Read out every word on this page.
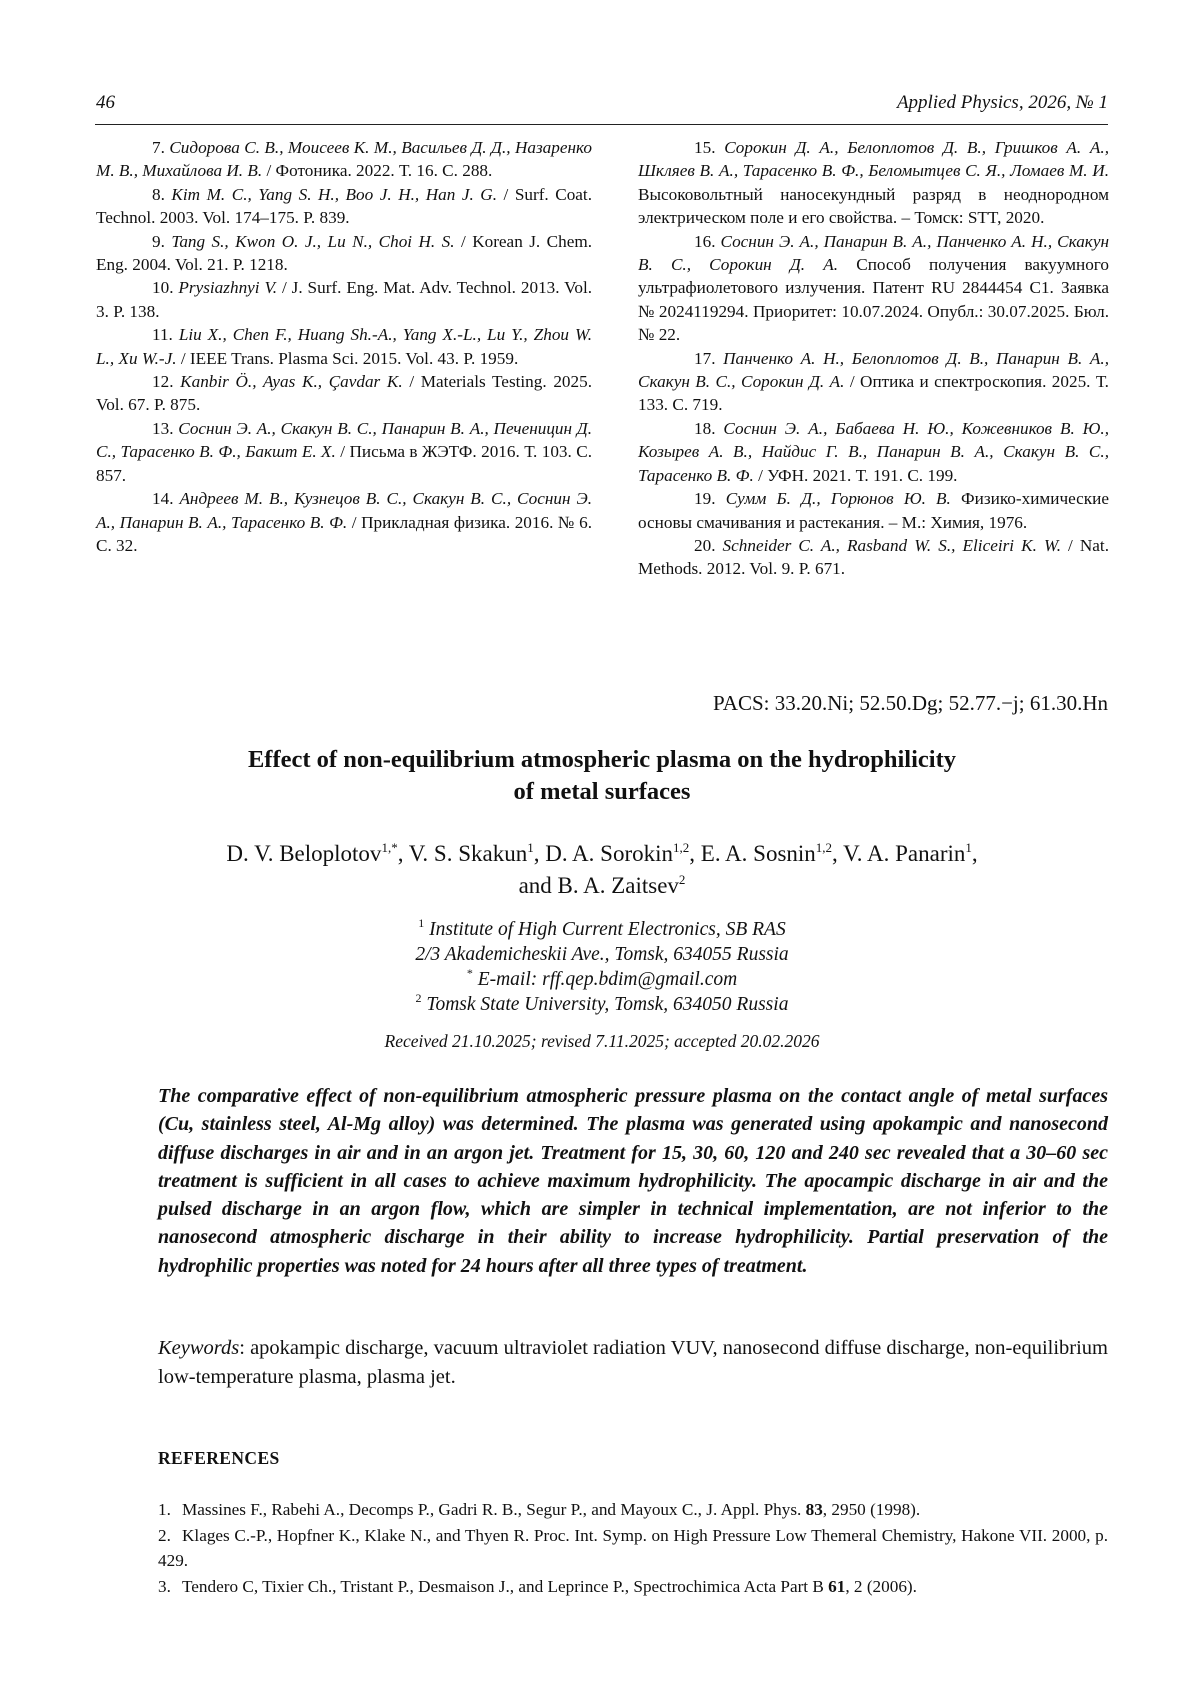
46	Applied Physics, 2026, № 1

7. Сидорова С. В., Моисеев К. М., Васильев Д. Д., Назаренко М. В., Михайлова И. В. / Фотоника. 2022. Т. 16. С. 288.

8. Kim M. C., Yang S. H., Boo J. H., Han J. G. / Surf. Coat. Technol. 2003. Vol. 174–175. P. 839.

9. Tang S., Kwon O. J., Lu N., Choi H. S. / Korean J. Chem. Eng. 2004. Vol. 21. P. 1218.

10. Prysiazhnyi V. / J. Surf. Eng. Mat. Adv. Technol. 2013. Vol. 3. P. 138.

11. Liu X., Chen F., Huang Sh.-A., Yang X.-L., Lu Y., Zhou W. L., Xu W.-J. / IEEE Trans. Plasma Sci. 2015. Vol. 43. P. 1959.

12. Kanbir Ö., Ayas K., Çavdar K. / Materials Testing. 2025. Vol. 67. P. 875.

13. Соснин Э. А., Скакун В. С., Панарин В. А., Печеницин Д. С., Тарасенко В. Ф., Бакшт Е. Х. / Письма в ЖЭТФ. 2016. Т. 103. С. 857.

14. Андреев М. В., Кузнецов В. С., Скакун В. С., Соснин Э. А., Панарин В. А., Тарасенко В. Ф. / Прикладная физика. 2016. № 6. С. 32.

15. Сорокин Д. А., Белоплотов Д. В., Гришков А. А., Шкляев В. А., Тарасенко В. Ф., Беломытцев С. Я., Ломаев М. И. Высоковольтный наносекундный разряд в неоднородном электрическом поле и его свойства. – Томск: STT, 2020.

16. Соснин Э. А., Панарин В. А., Панченко А. Н., Скакун В. С., Сорокин Д. А. Способ получения вакуумного ультрафиолетового излучения. Патент RU 2844454 C1. Заявка № 2024119294. Приоритет: 10.07.2024. Опубл.: 30.07.2025. Бюл. № 22.

17. Панченко А. Н., Белоплотов Д. В., Панарин В. А., Скакун В. С., Сорокин Д. А. / Оптика и спектроскопия. 2025. Т. 133. С. 719.

18. Соснин Э. А., Бабаева Н. Ю., Кожевников В. Ю., Козырев А. В., Найдис Г. В., Панарин В. А., Скакун В. С., Тарасенко В. Ф. / УФН. 2021. Т. 191. С. 199.

19. Сумм Б. Д., Горюнов Ю. В. Физико-химические основы смачивания и растекания. – М.: Химия, 1976.

20. Schneider C. A., Rasband W. S., Eliceiri K. W. / Nat. Methods. 2012. Vol. 9. P. 671.

PACS: 33.20.Ni; 52.50.Dg; 52.77.−j; 61.30.Hn
Effect of non-equilibrium atmospheric plasma on the hydrophilicity
of metal surfaces
D. V. Beloplotov$^{1,*}$, V. S. Skakun$^1$, D. A. Sorokin$^{1,2}$, E. A. Sosnin$^{1,2}$, V. A. Panarin$^1$,
and B. A. Zaitsev$^2$
$^1$ Institute of High Current Electronics, SB RAS
2/3 Akademicheskii Ave., Tomsk, 634055 Russia
* E-mail: rff.qep.bdim@gmail.com
$^2$ Tomsk State University, Tomsk, 634050 Russia
Received 21.10.2025; revised 7.11.2025; accepted 20.02.2026

The comparative effect of non-equilibrium atmospheric pressure plasma on the contact angle of metal surfaces (Cu, stainless steel, Al-Mg alloy) was determined. The plasma was generated using apokampic and nanosecond diffuse discharges in air and in an argon jet. Treatment for 15, 30, 60, 120 and 240 sec revealed that a 30–60 sec treatment is sufficient in all cases to achieve maximum hydrophilicity. The apocampic discharge in air and the pulsed discharge in an argon flow, which are simpler in technical implementation, are not inferior to the nanosecond atmospheric discharge in their ability to increase hydrophilicity. Partial preservation of the hydrophilic properties was noted for 24 hours after all three types of treatment.

Keywords: apokampic discharge, vacuum ultraviolet radiation VUV, nanosecond diffuse discharge, non-equilibrium low-temperature plasma, plasma jet.

REFERENCES

1. Massines F., Rabehi A., Decomps P., Gadri R. B., Segur P., and Mayoux C., J. Appl. Phys. 83, 2950 (1998).

2. Klages C.-P., Hopfner K., Klake N., and Thyen R. Proc. Int. Symp. on High Pressure Low Themeral Chemistry, Hakone VII. 2000, p. 429.

3. Tendero C, Tixier Ch., Tristant P., Desmaison J., and Leprince P., Spectrochimica Acta Part B 61, 2 (2006).
